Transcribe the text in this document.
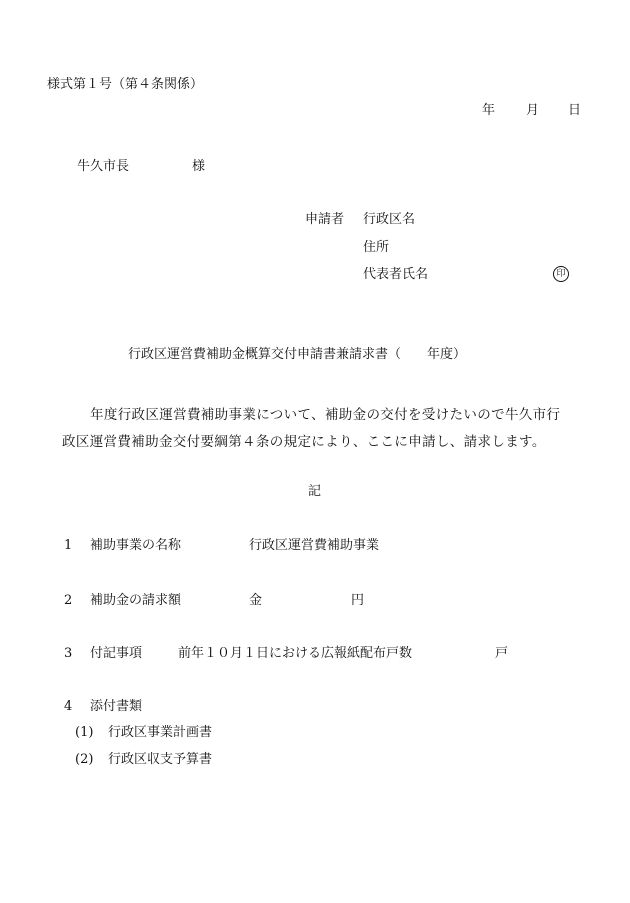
様式第１号（第４条関係）
年 月 日
牛久市長	様
申請者 行政区名
住所
代表者氏名	印
行政区運営費補助金概算交付申請書兼請求書（　　年度）
年度行政区運営費補助事業について、補助金の交付を受けたいので牛久市行
政区運営費補助金交付要綱第４条の規定により、ここに申請し、請求します。
記
1 補助事業の名称	行政区運営費補助事業
2 補助金の請求額	金	円
3 付記事項	前年１０月１日における広報紙配布戸数	戸
4 添付書類
(1) 行政区事業計画書
(2) 行政区収支予算書
